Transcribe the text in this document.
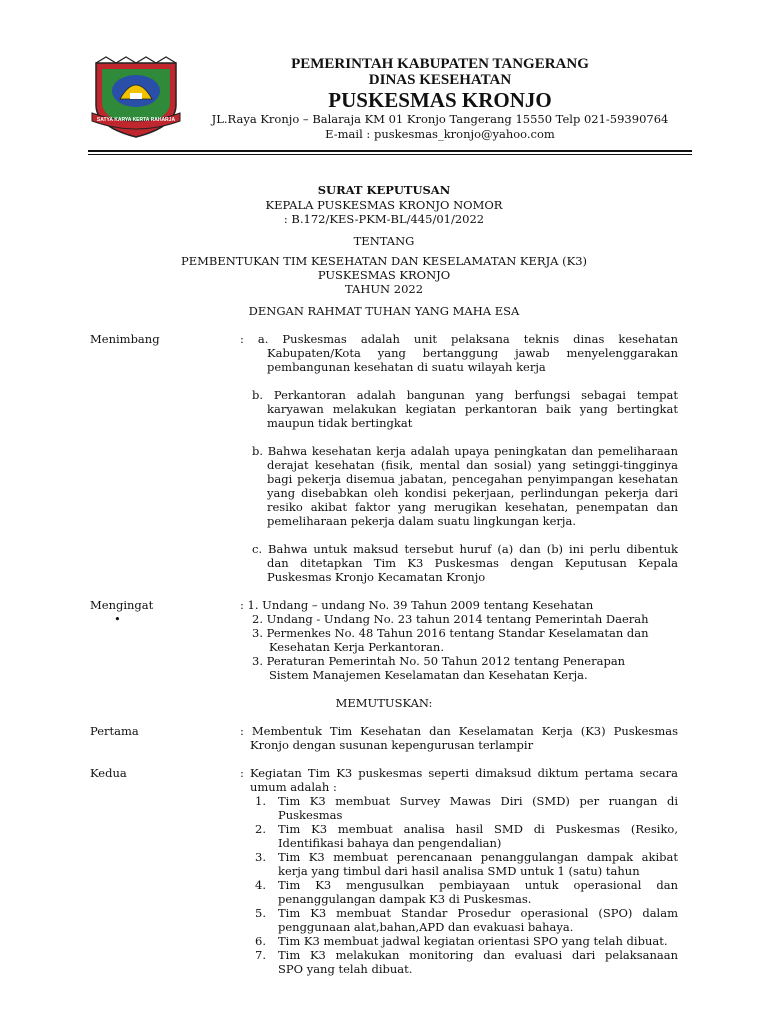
SATYA KARYA KERTA RAHARJA
PEMERINTAH KABUPATEN TANGERANG
DINAS KESEHATAN
PUSKESMAS KRONJO
JL.Raya Kronjo – Balaraja KM 01 Kronjo Tangerang 15550 Telp 021-59390764
E-mail : puskesmas_kronjo@yahoo.com
SURAT KEPUTUSAN
KEPALA PUSKESMAS KRONJO NOMOR
: B.172/KES-PKM-BL/445/01/2022
TENTANG
PEMBENTUKAN TIM KESEHATAN DAN KESELAMATAN KERJA (K3)
PUSKESMAS KRONJO
TAHUN 2022
DENGAN RAHMAT TUHAN YANG MAHA ESA
Menimbang	: a. Puskesmas adalah unit pelaksana teknis dinas kesehatan
Kabupaten/Kota yang bertanggung jawab menyelenggarakan
pembangunan kesehatan di suatu wilayah kerja
b. Perkantoran adalah bangunan yang berfungsi sebagai tempat
karyawan melakukan kegiatan perkantoran baik yang bertingkat
maupun tidak bertingkat
b. Bahwa kesehatan kerja adalah upaya peningkatan dan pemeliharaan
derajat kesehatan (fisik, mental dan sosial) yang setinggi-tingginya
bagi pekerja disemua jabatan, pencegahan penyimpangan kesehatan
yang disebabkan oleh kondisi pekerjaan, perlindungan pekerja dari
resiko akibat faktor yang merugikan kesehatan, penempatan dan
pemeliharaan pekerja dalam suatu lingkungan kerja.
c. Bahwa untuk maksud tersebut huruf (a) dan (b) ini perlu dibentuk
dan ditetapkan Tim K3 Puskesmas dengan Keputusan Kepala
Puskesmas Kronjo Kecamatan Kronjo
Mengingat
•
: 1. Undang – undang No. 39 Tahun 2009 tentang Kesehatan
2. Undang - Undang No. 23 tahun 2014 tentang Pemerintah Daerah
3. Permenkes No. 48 Tahun 2016 tentang Standar Keselamatan dan
Kesehatan Kerja Perkantoran.
3. Peraturan Pemerintah No. 50 Tahun 2012 tentang Penerapan
Sistem Manajemen Keselamatan dan Kesehatan Kerja.
MEMUTUSKAN:
Pertama	: Membentuk Tim Kesehatan dan Keselamatan Kerja (K3) Puskesmas
Kronjo dengan susunan kepengurusan terlampir
Kedua	: Kegiatan Tim K3 puskesmas seperti dimaksud diktum pertama secara
umum adalah :
1. Tim K3 membuat Survey Mawas Diri (SMD) per ruangan di
Puskesmas
2. Tim K3 membuat analisa hasil SMD di Puskesmas (Resiko,
Identifikasi bahaya dan pengendalian)
3. Tim K3 membuat perencanaan penanggulangan dampak akibat
kerja yang timbul dari hasil analisa SMD untuk 1 (satu) tahun
4. Tim K3 mengusulkan pembiayaan untuk operasional dan
penanggulangan dampak K3 di Puskesmas.
5. Tim K3 membuat Standar Prosedur operasional (SPO) dalam
penggunaan alat,bahan,APD dan evakuasi bahaya.
6. Tim K3 membuat jadwal kegiatan orientasi SPO yang telah dibuat.
7. Tim K3 melakukan monitoring dan evaluasi dari pelaksanaan
SPO yang telah dibuat.
